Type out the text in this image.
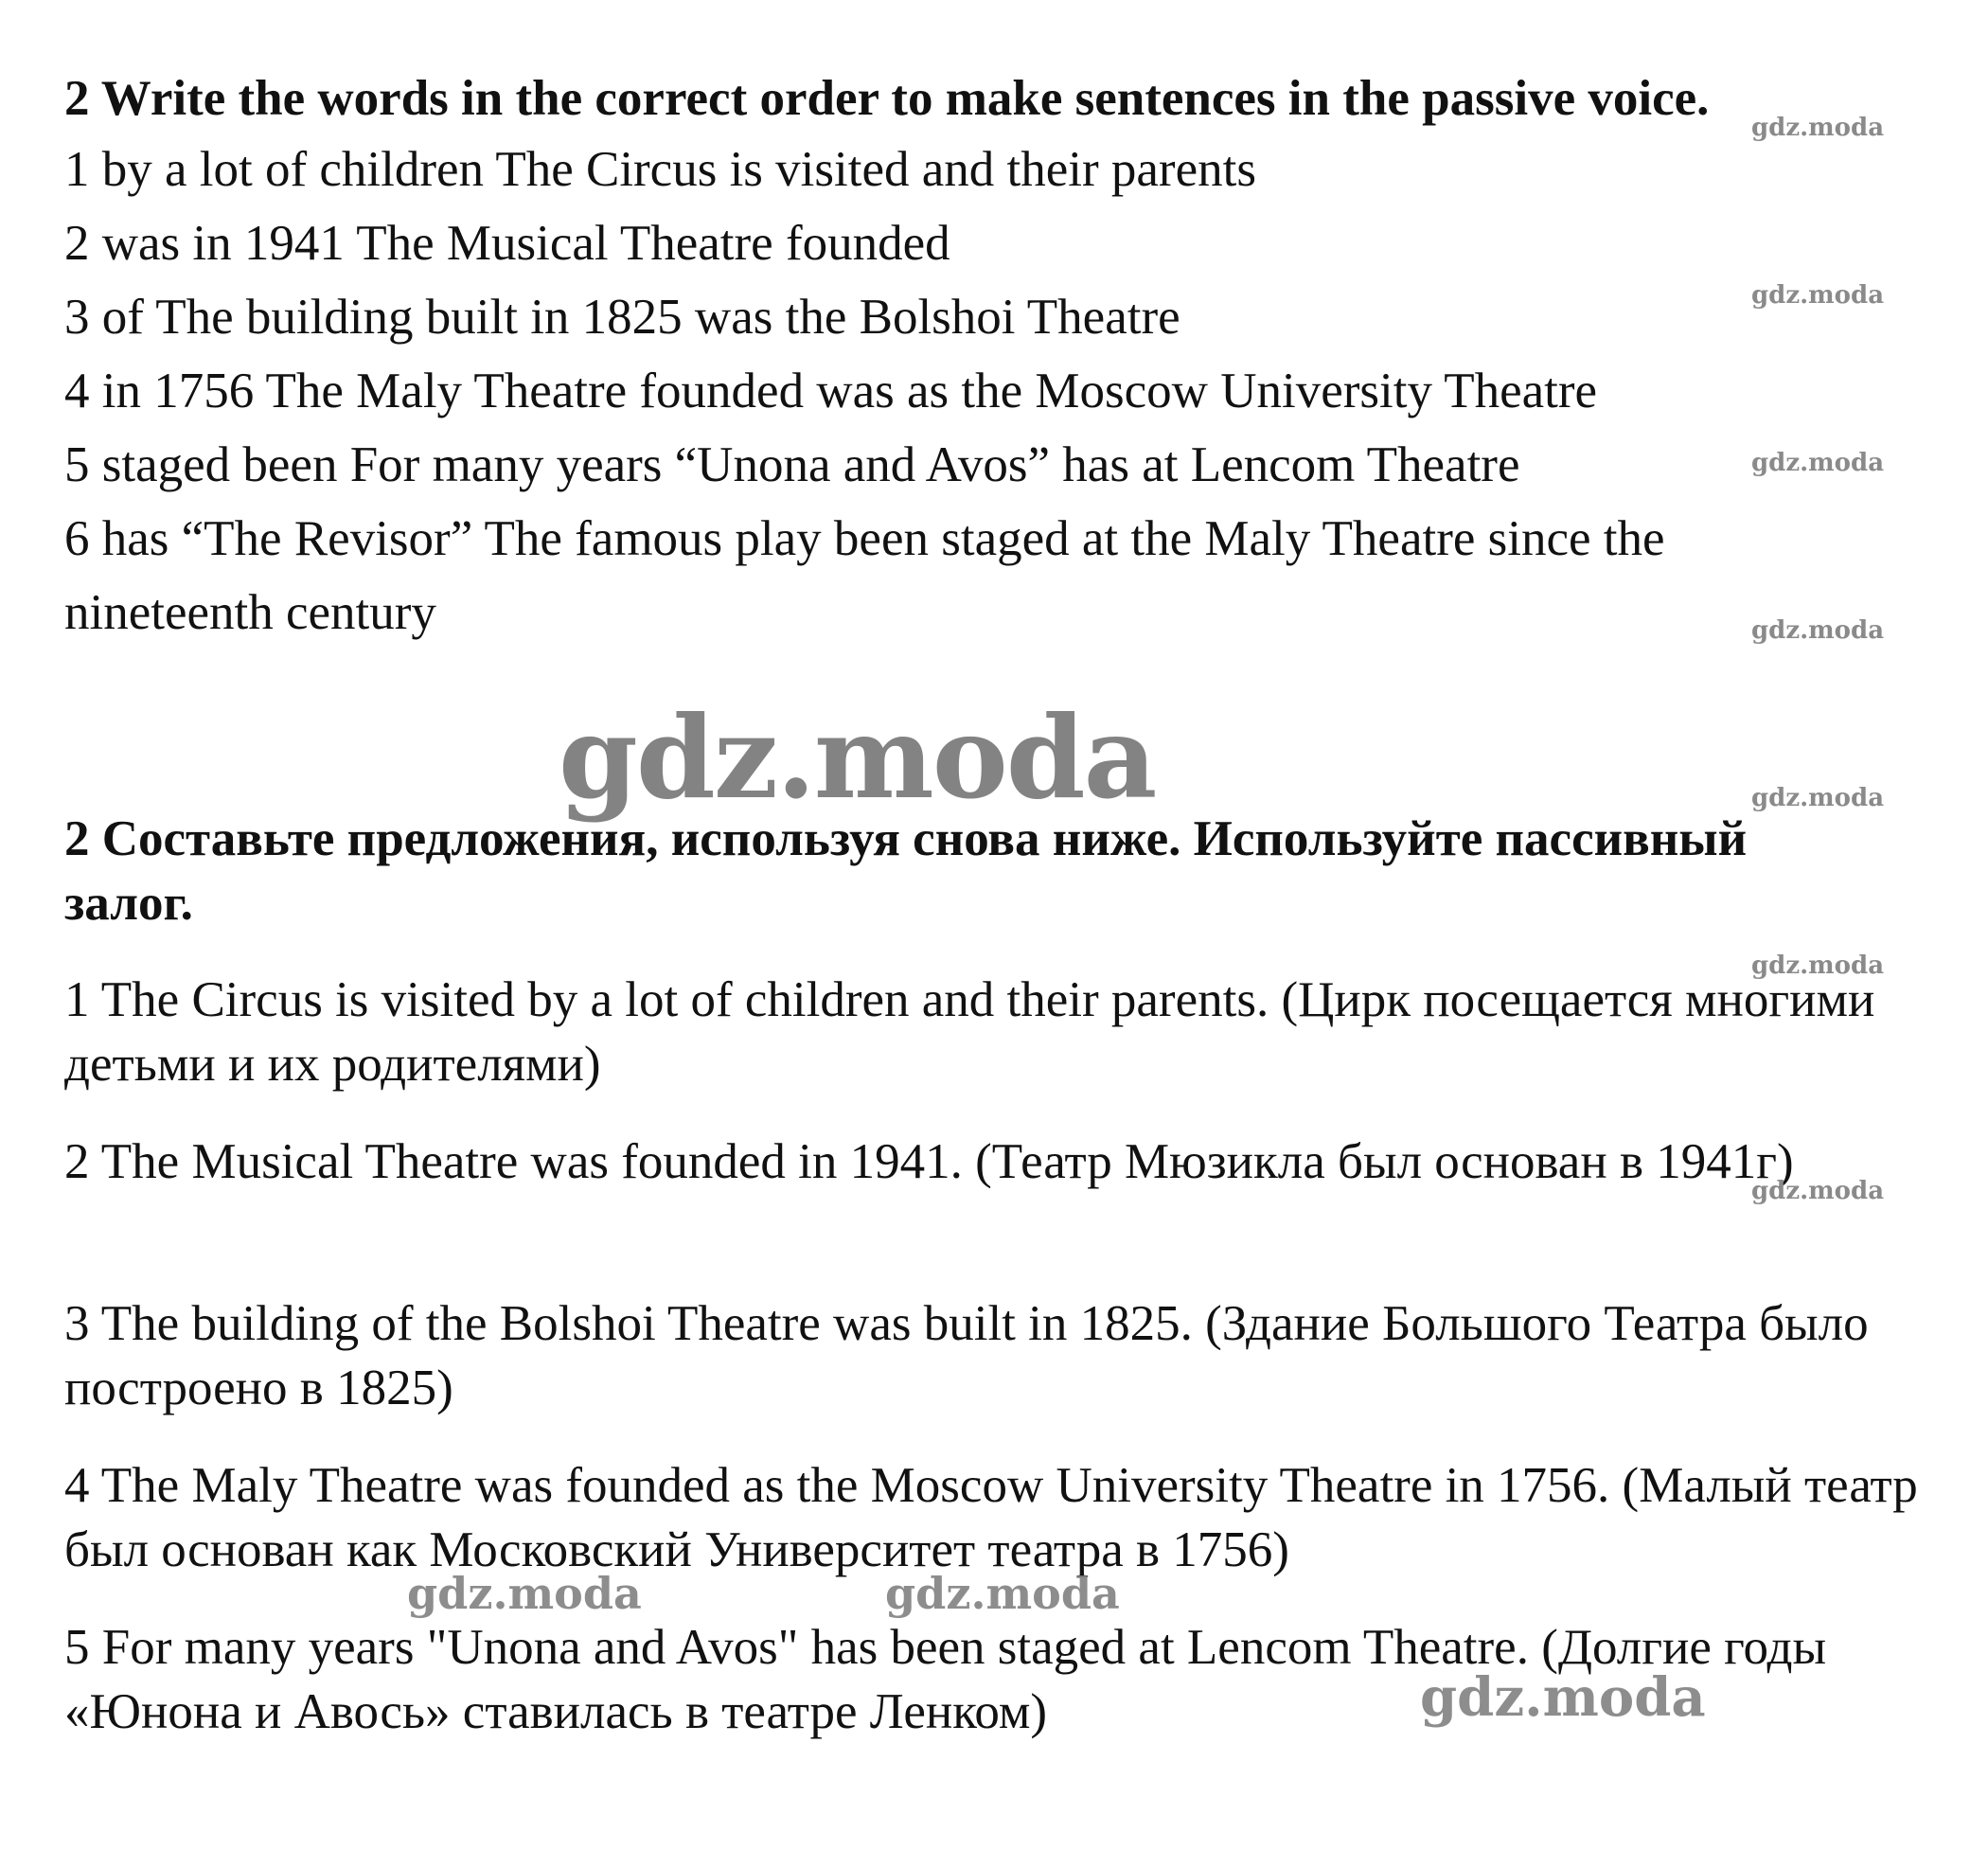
2 Write the words in the correct order to make sentences in the passive voice.

1 by a lot of children The Circus is visited and their parents

2 was in 1941 The Musical Theatre founded

3 of The building built in 1825 was the Bolshoi Theatre

4 in 1756 The Maly Theatre founded was as the Moscow University Theatre

5 staged been For many years “Unona and Avos” has at Lencom Theatre

6 has “The Revisor” The famous play been staged at the Maly Theatre since the

nineteenth century

gdz.moda

2 Составьте предложения, используя снова ниже. Используйте пассивный залог.

1 The Circus is visited by a lot of children and their parents. (Цирк посещается многими детьми и их родителями)

2 The Musical Theatre was founded in 1941. (Театр Мюзикла был основан в 1941г)

3 The building of the Bolshoi Theatre was built in 1825. (Здание Большого Театра было построено в 1825)

4 The Maly Theatre was founded as the Moscow University Theatre in 1756. (Малый театр был основан как Московский Университет театра в 1756)

5 For many years "Unona and Avos" has been staged at Lencom Theatre. (Долгие годы «Юнона и Авось» ставилась в театре Ленком)

gdz.moda
gdz.moda
gdz.moda
gdz.moda
gdz.moda
gdz.moda
gdz.moda
gdz.moda	gdz.moda
gdz.moda
